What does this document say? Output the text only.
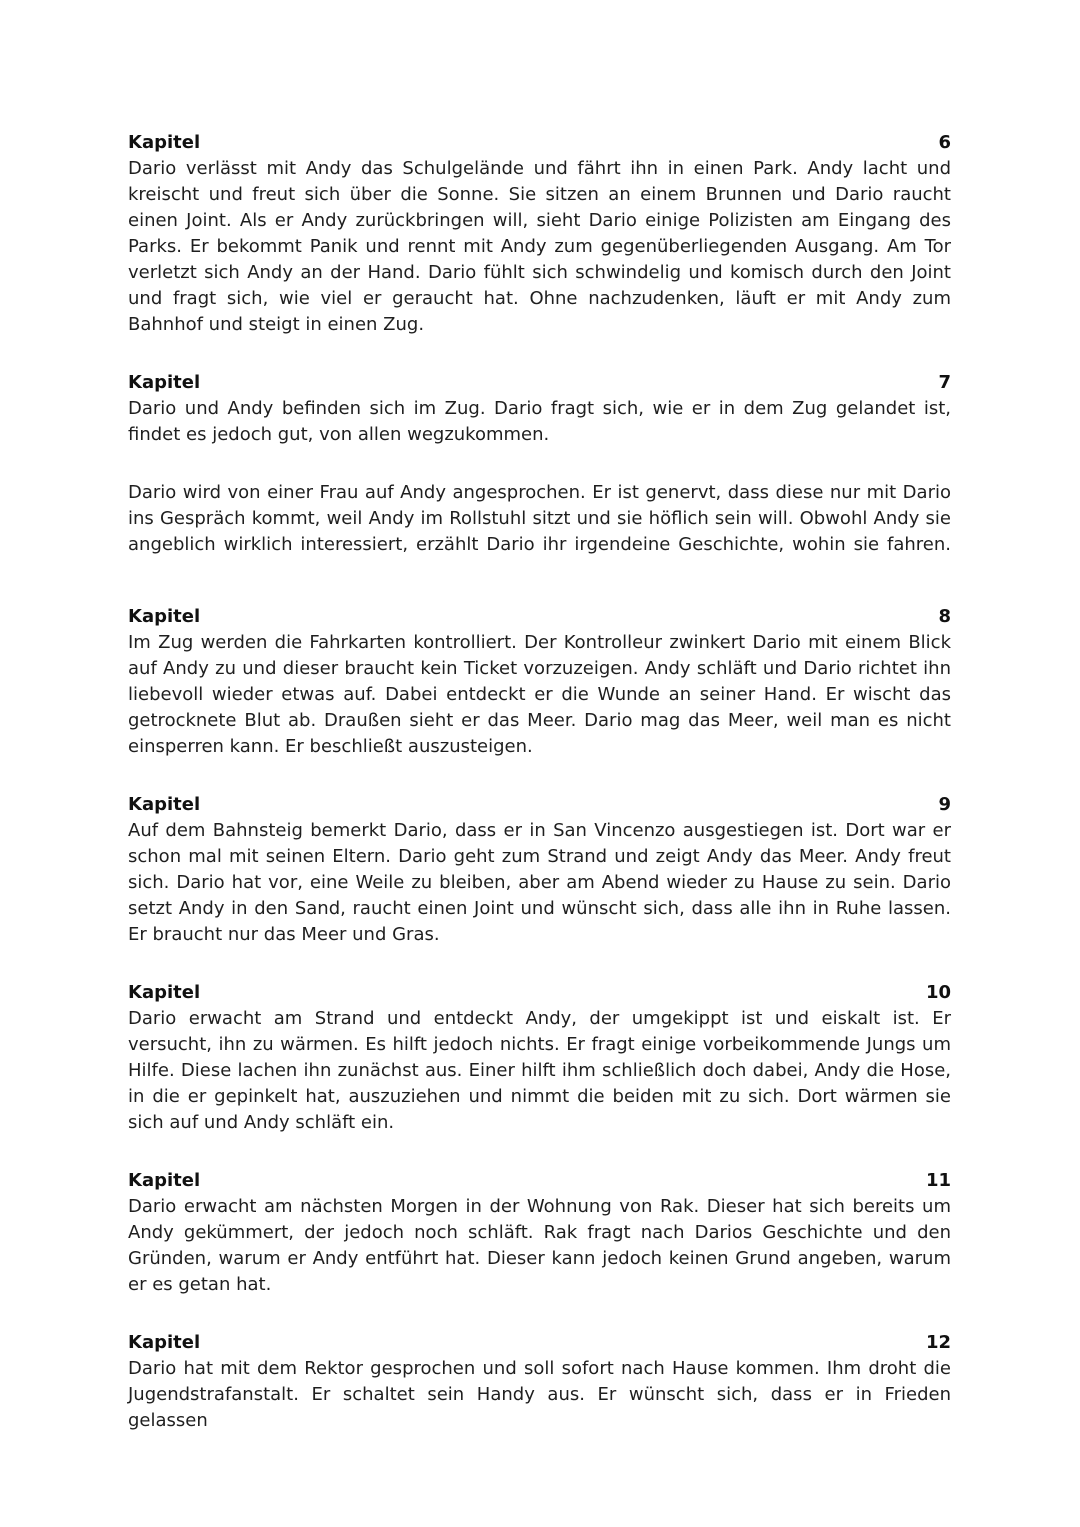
Kapitel	6

Dario verlässt mit Andy das Schulgelände und fährt ihn in einen Park. Andy lacht und kreischt und freut sich über die Sonne. Sie sitzen an einem Brunnen und Dario raucht einen Joint. Als er Andy zurückbringen will, sieht Dario einige Polizisten am Eingang des Parks. Er bekommt Panik und rennt mit Andy zum gegenüberliegenden Ausgang. Am Tor verletzt sich Andy an der Hand. Dario fühlt sich schwindelig und komisch durch den Joint und fragt sich, wie viel er geraucht hat. Ohne nachzudenken, läuft er mit Andy zum Bahnhof und steigt in einen Zug.

Kapitel	7

Dario und Andy befinden sich im Zug. Dario fragt sich, wie er in dem Zug gelandet ist, findet es jedoch gut, von allen wegzukommen.

Dario wird von einer Frau auf Andy angesprochen. Er ist genervt, dass diese nur mit Dario ins Gespräch kommt, weil Andy im Rollstuhl sitzt und sie höflich sein will. Obwohl Andy sie angeblich wirklich interessiert, erzählt Dario ihr irgendeine Geschichte, wohin sie fahren.

Kapitel	8

Im Zug werden die Fahrkarten kontrolliert. Der Kontrolleur zwinkert Dario mit einem Blick auf Andy zu und dieser braucht kein Ticket vorzuzeigen. Andy schläft und Dario richtet ihn liebevoll wieder etwas auf. Dabei entdeckt er die Wunde an seiner Hand. Er wischt das getrocknete Blut ab. Draußen sieht er das Meer. Dario mag das Meer, weil man es nicht einsperren kann. Er beschließt auszusteigen.

Kapitel	9

Auf dem Bahnsteig bemerkt Dario, dass er in San Vincenzo ausgestiegen ist. Dort war er schon mal mit seinen Eltern. Dario geht zum Strand und zeigt Andy das Meer. Andy freut sich. Dario hat vor, eine Weile zu bleiben, aber am Abend wieder zu Hause zu sein. Dario setzt Andy in den Sand, raucht einen Joint und wünscht sich, dass alle ihn in Ruhe lassen. Er braucht nur das Meer und Gras.

Kapitel	10

Dario erwacht am Strand und entdeckt Andy, der umgekippt ist und eiskalt ist. Er versucht, ihn zu wärmen. Es hilft jedoch nichts. Er fragt einige vorbeikommende Jungs um Hilfe. Diese lachen ihn zunächst aus. Einer hilft ihm schließlich doch dabei, Andy die Hose, in die er gepinkelt hat, auszuziehen und nimmt die beiden mit zu sich. Dort wärmen sie sich auf und Andy schläft ein.

Kapitel	11

Dario erwacht am nächsten Morgen in der Wohnung von Rak. Dieser hat sich bereits um Andy gekümmert, der jedoch noch schläft. Rak fragt nach Darios Geschichte und den Gründen, warum er Andy entführt hat. Dieser kann jedoch keinen Grund angeben, warum er es getan hat.

Kapitel	12

Dario hat mit dem Rektor gesprochen und soll sofort nach Hause kommen. Ihm droht die Jugendstrafanstalt. Er schaltet sein Handy aus. Er wünscht sich, dass er in Frieden gelassen
